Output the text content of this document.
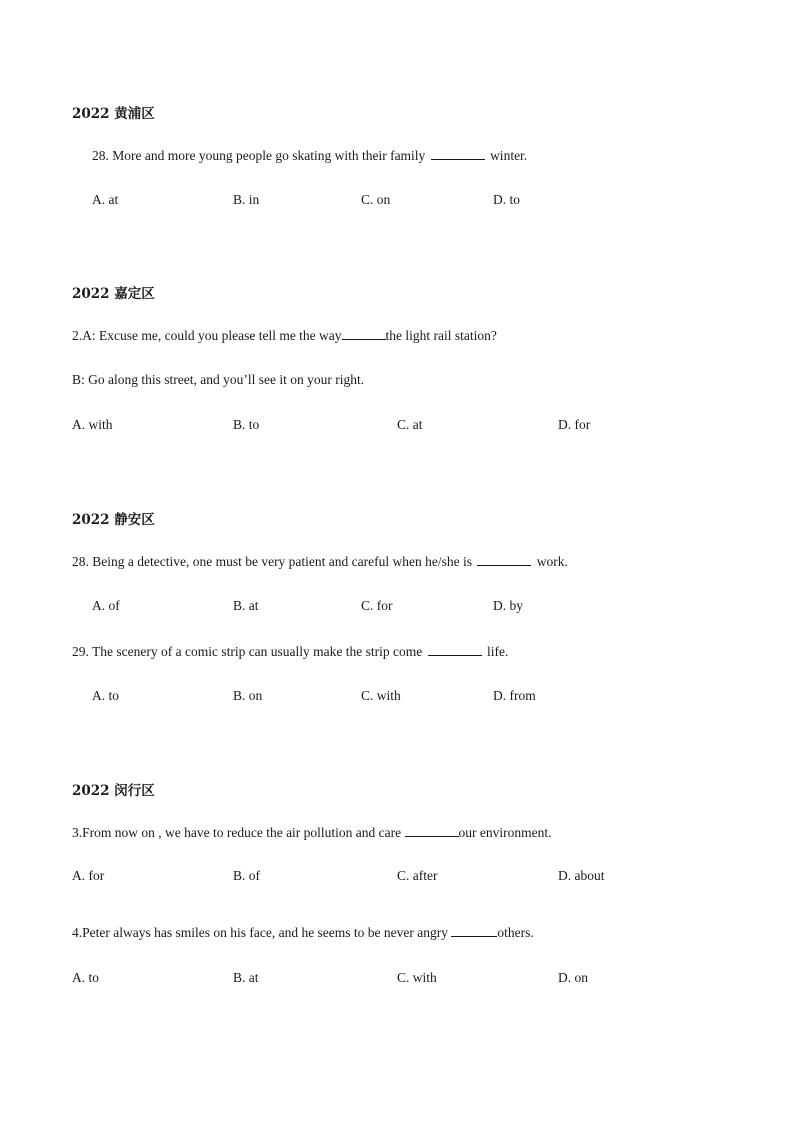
2022 黄浦区
28. More and more young people go skating with their family	winter.
A. at	B. in	C. on	D. to
2022 嘉定区
2.A: Excuse me, could you please tell me the way	the light rail station?
B: Go along this street, and you’ll see it on your right.
A. with	B. to	C. at	D. for
2022 静安区
28. Being a detective, one must be very patient and careful when he/she is	work.
A. of	B. at	C. for	D. by
29. The scenery of a comic strip can usually make the strip come	life.
A. to	B. on	C. with	D. from
2022 闵行区
3.From now on , we have to reduce the air pollution and care	our environment.
A. for	B. of	C. after	D. about
4.Peter always has smiles on his face, and he seems to be never angry	others.
A. to	B. at	C. with	D. on
